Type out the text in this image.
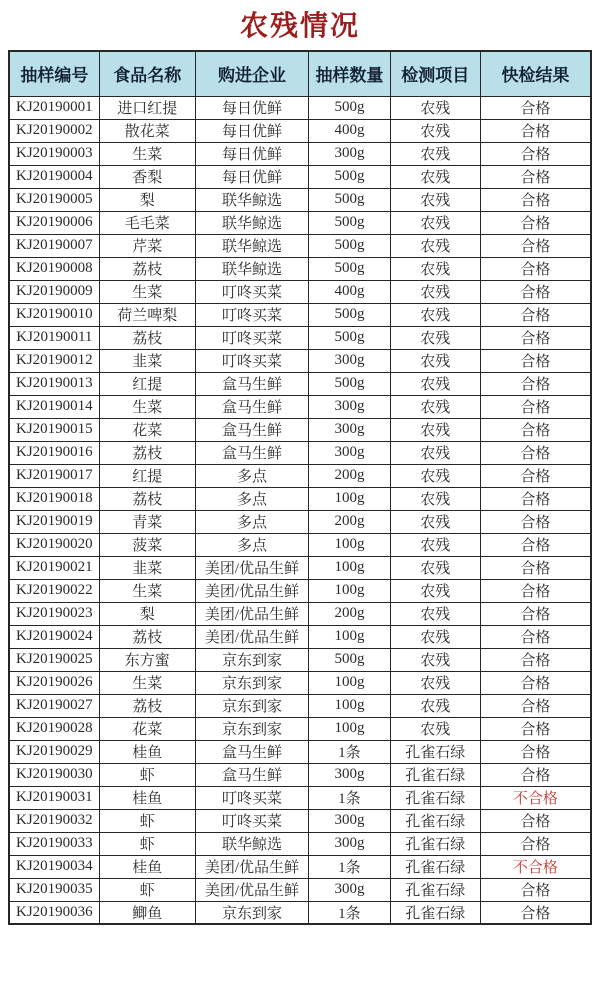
农残情况
抽样编号	食品名称	购进企业	抽样数量	检测项目	快检结果
KJ20190001	进口红提	每日优鲜	500g	农残	合格
KJ20190002	散花菜	每日优鲜	400g	农残	合格
KJ20190003	生菜	每日优鲜	300g	农残	合格
KJ20190004	香梨	每日优鲜	500g	农残	合格
KJ20190005	梨	联华鲸选	500g	农残	合格
KJ20190006	毛毛菜	联华鲸选	500g	农残	合格
KJ20190007	芹菜	联华鲸选	500g	农残	合格
KJ20190008	荔枝	联华鲸选	500g	农残	合格
KJ20190009	生菜	叮咚买菜	400g	农残	合格
KJ20190010	荷兰啤梨	叮咚买菜	500g	农残	合格
KJ20190011	荔枝	叮咚买菜	500g	农残	合格
KJ20190012	韭菜	叮咚买菜	300g	农残	合格
KJ20190013	红提	盒马生鲜	500g	农残	合格
KJ20190014	生菜	盒马生鲜	300g	农残	合格
KJ20190015	花菜	盒马生鲜	300g	农残	合格
KJ20190016	荔枝	盒马生鲜	300g	农残	合格
KJ20190017	红提	多点	200g	农残	合格
KJ20190018	荔枝	多点	100g	农残	合格
KJ20190019	青菜	多点	200g	农残	合格
KJ20190020	菠菜	多点	100g	农残	合格
KJ20190021	韭菜	美团/优品生鲜	100g	农残	合格
KJ20190022	生菜	美团/优品生鲜	100g	农残	合格
KJ20190023	梨	美团/优品生鲜	200g	农残	合格
KJ20190024	荔枝	美团/优品生鲜	100g	农残	合格
KJ20190025	东方蜜	京东到家	500g	农残	合格
KJ20190026	生菜	京东到家	100g	农残	合格
KJ20190027	荔枝	京东到家	100g	农残	合格
KJ20190028	花菜	京东到家	100g	农残	合格
KJ20190029	桂鱼	盒马生鲜	1条	孔雀石绿	合格
KJ20190030	虾	盒马生鲜	300g	孔雀石绿	合格
KJ20190031	桂鱼	叮咚买菜	1条	孔雀石绿	不合格
KJ20190032	虾	叮咚买菜	300g	孔雀石绿	合格
KJ20190033	虾	联华鲸选	300g	孔雀石绿	合格
KJ20190034	桂鱼	美团/优品生鲜	1条	孔雀石绿	不合格
KJ20190035	虾	美团/优品生鲜	300g	孔雀石绿	合格
KJ20190036	鲫鱼	京东到家	1条	孔雀石绿	合格
